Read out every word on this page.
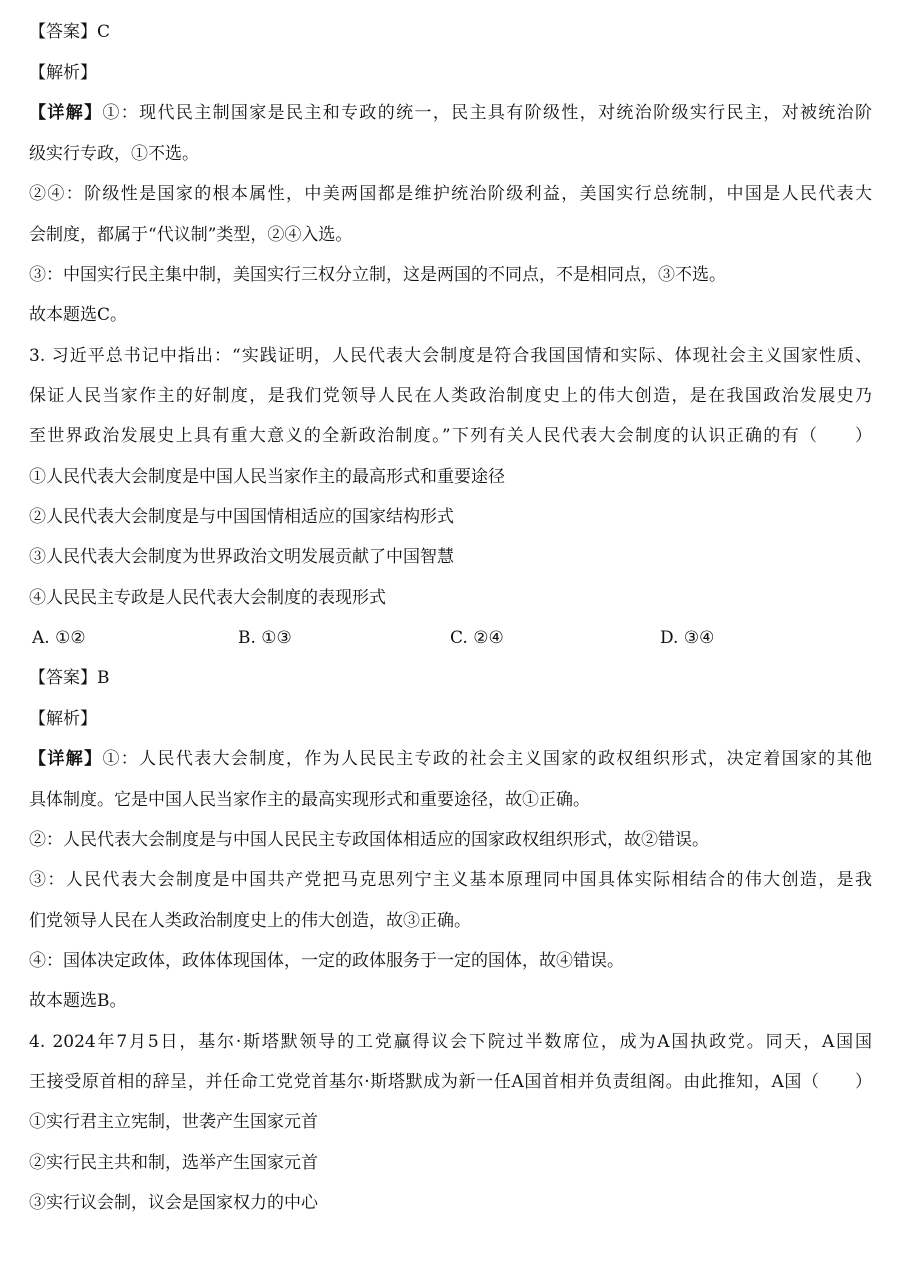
【答案】C
【解析】
【详解】①：现代民主制国家是民主和专政的统一，民主具有阶级性，对统治阶级实行民主，对被统治阶
级实行专政，①不选。
②④：阶级性是国家的根本属性，中美两国都是维护统治阶级利益，美国实行总统制，中国是人民代表大
会制度，都属于“代议制”类型，②④入选。
③：中国实行民主集中制，美国实行三权分立制，这是两国的不同点，不是相同点，③不选。
故本题选C。
3. 习近平总书记中指出：“实践证明，人民代表大会制度是符合我国国情和实际、体现社会主义国家性质、
保证人民当家作主的好制度，是我们党领导人民在人类政治制度史上的伟大创造，是在我国政治发展史乃
至世界政治发展史上具有重大意义的全新政治制度。”下列有关人民代表大会制度的认识正确的有（　　）
①人民代表大会制度是中国人民当家作主的最高形式和重要途径
②人民代表大会制度是与中国国情相适应的国家结构形式
③人民代表大会制度为世界政治文明发展贡献了中国智慧
④人民民主专政是人民代表大会制度的表现形式
A. ①②	B. ①③	C. ②④	D. ③④
【答案】B
【解析】
【详解】①：人民代表大会制度，作为人民民主专政的社会主义国家的政权组织形式，决定着国家的其他
具体制度。它是中国人民当家作主的最高实现形式和重要途径，故①正确。
②：人民代表大会制度是与中国人民民主专政国体相适应的国家政权组织形式，故②错误。
③：人民代表大会制度是中国共产党把马克思列宁主义基本原理同中国具体实际相结合的伟大创造，是我
们党领导人民在人类政治制度史上的伟大创造，故③正确。
④：国体决定政体，政体体现国体，一定的政体服务于一定的国体，故④错误。
故本题选B。
4. 2024年7月5日，基尔·斯塔默领导的工党赢得议会下院过半数席位，成为A国执政党。同天，A国国
王接受原首相的辞呈，并任命工党党首基尔·斯塔默成为新一任A国首相并负责组阁。由此推知，A国（　　）
①实行君主立宪制，世袭产生国家元首
②实行民主共和制，选举产生国家元首
③实行议会制，议会是国家权力的中心
